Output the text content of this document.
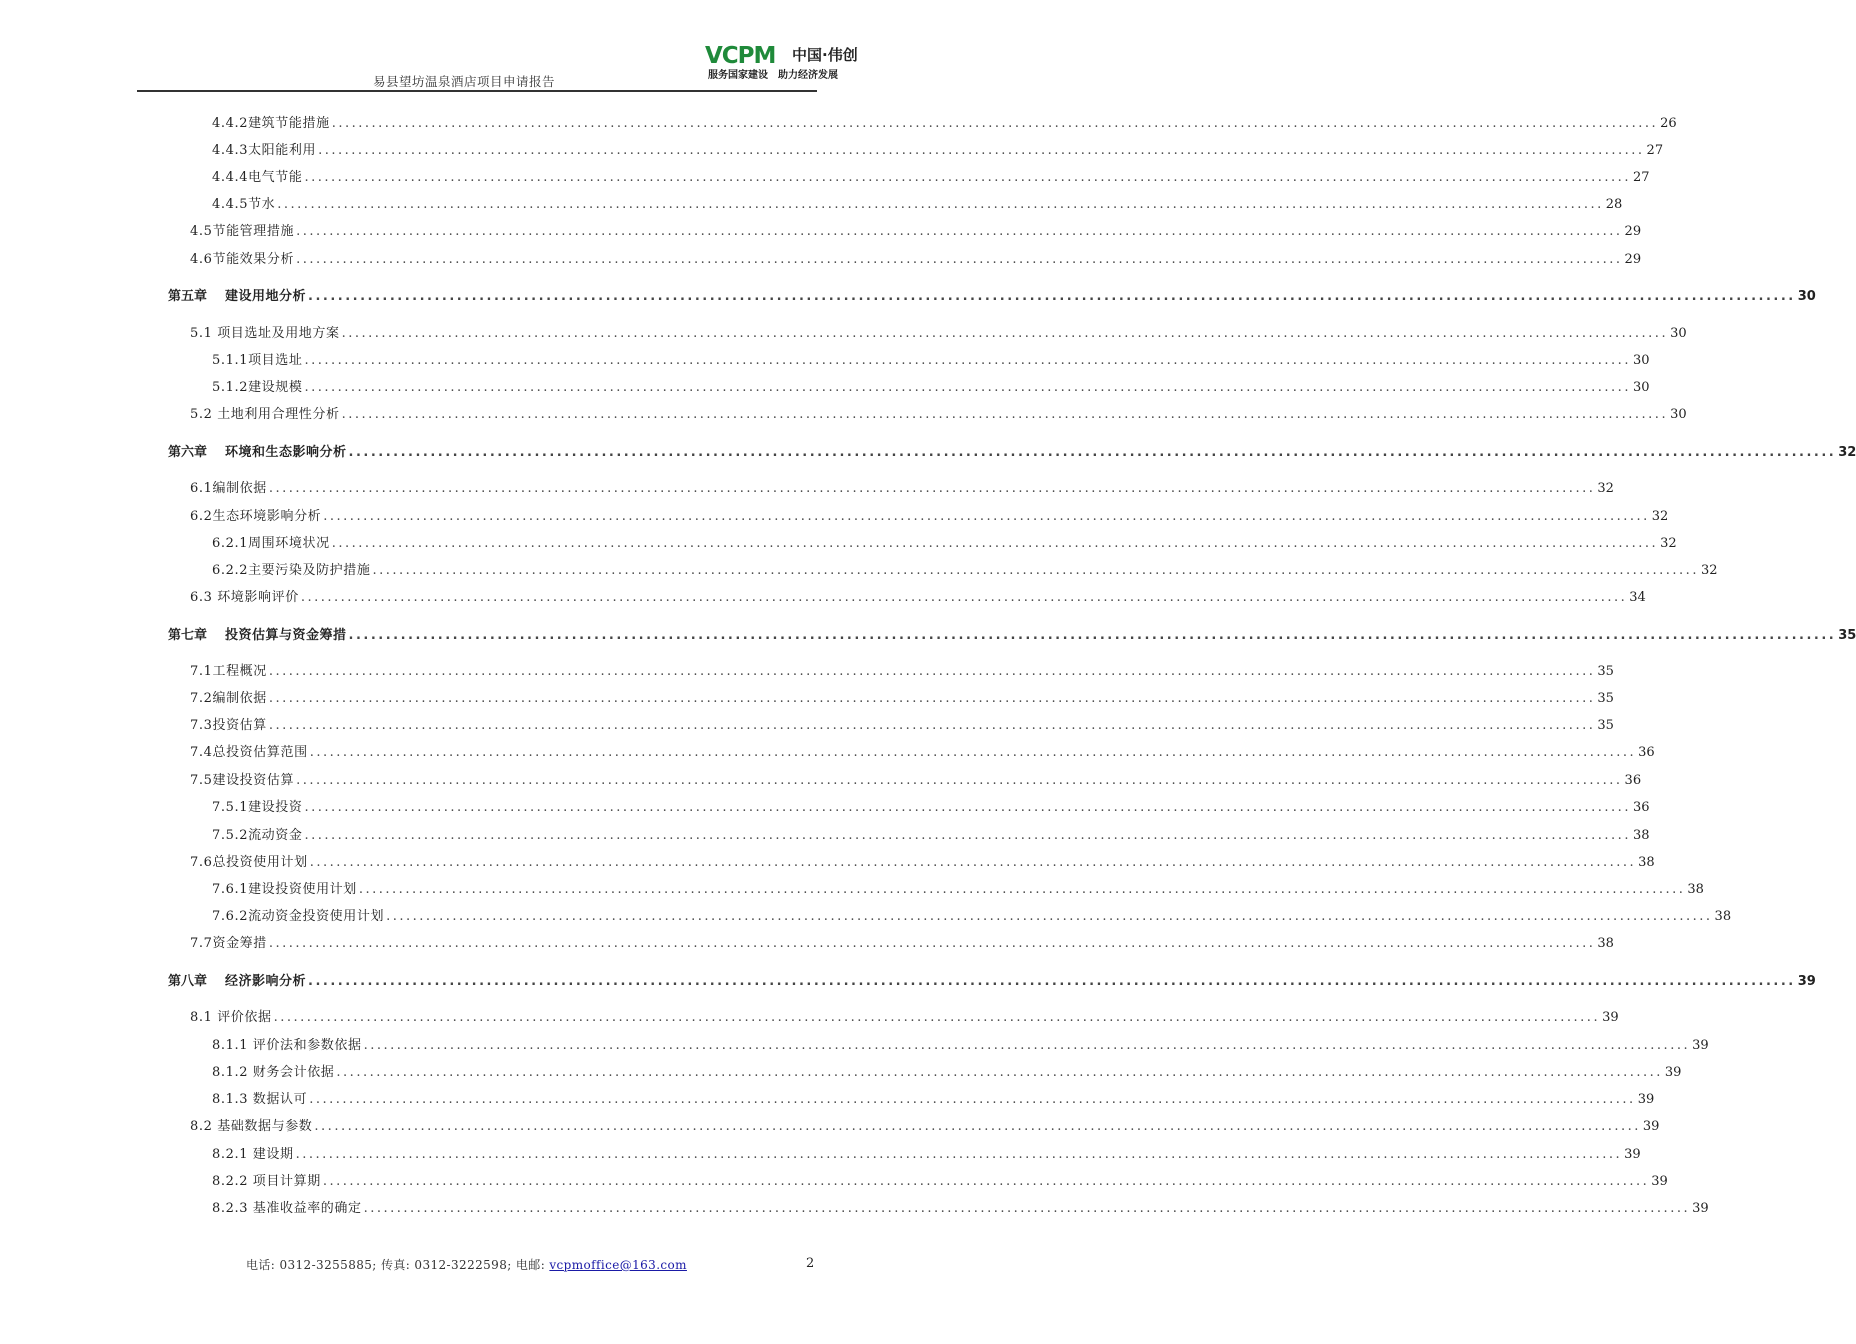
易县望坊温泉酒店项目申请报告
VCPM 中国·伟创
服务国家建设 助力经济发展
4.4.2建筑节能措施 ........................................................................................................................................................................................................ 26
4.4.3太阳能利用 ........................................................................................................................................................................................................ 27
4.4.4电气节能 ........................................................................................................................................................................................................ 27
4.4.5节水 ........................................................................................................................................................................................................ 28
4.5节能管理措施 ........................................................................................................................................................................................................ 29
4.6节能效果分析 ........................................................................................................................................................................................................ 29
第五章 建设用地分析 ........................................................................................................................................................................................................ 30
5.1 项目选址及用地方案 ........................................................................................................................................................................................................ 30
5.1.1项目选址 ........................................................................................................................................................................................................ 30
5.1.2建设规模 ........................................................................................................................................................................................................ 30
5.2 土地利用合理性分析 ........................................................................................................................................................................................................ 30
第六章 环境和生态影响分析 ........................................................................................................................................................................................................ 32
6.1编制依据 ........................................................................................................................................................................................................ 32
6.2生态环境影响分析 ........................................................................................................................................................................................................ 32
6.2.1周围环境状况 ........................................................................................................................................................................................................ 32
6.2.2主要污染及防护措施 ........................................................................................................................................................................................................ 32
6.3 环境影响评价 ........................................................................................................................................................................................................ 34
第七章 投资估算与资金筹措 ........................................................................................................................................................................................................ 35
7.1工程概况 ........................................................................................................................................................................................................ 35
7.2编制依据 ........................................................................................................................................................................................................ 35
7.3投资估算 ........................................................................................................................................................................................................ 35
7.4总投资估算范围 ........................................................................................................................................................................................................ 36
7.5建设投资估算 ........................................................................................................................................................................................................ 36
7.5.1建设投资 ........................................................................................................................................................................................................ 36
7.5.2流动资金 ........................................................................................................................................................................................................ 38
7.6总投资使用计划 ........................................................................................................................................................................................................ 38
7.6.1建设投资使用计划 ........................................................................................................................................................................................................ 38
7.6.2流动资金投资使用计划 ........................................................................................................................................................................................................ 38
7.7资金筹措 ........................................................................................................................................................................................................ 38
第八章 经济影响分析 ........................................................................................................................................................................................................ 39
8.1 评价依据 ........................................................................................................................................................................................................ 39
8.1.1 评价法和参数依据 ........................................................................................................................................................................................................ 39
8.1.2 财务会计依据 ........................................................................................................................................................................................................ 39
8.1.3 数据认可 ........................................................................................................................................................................................................ 39
8.2 基础数据与参数 ........................................................................................................................................................................................................ 39
8.2.1 建设期 ........................................................................................................................................................................................................ 39
8.2.2 项目计算期 ........................................................................................................................................................................................................ 39
8.2.3 基准收益率的确定 ........................................................................................................................................................................................................ 39
电话: 0312-3255885; 传真: 0312-3222598; 电邮: vcpmoffice@163.com	2
